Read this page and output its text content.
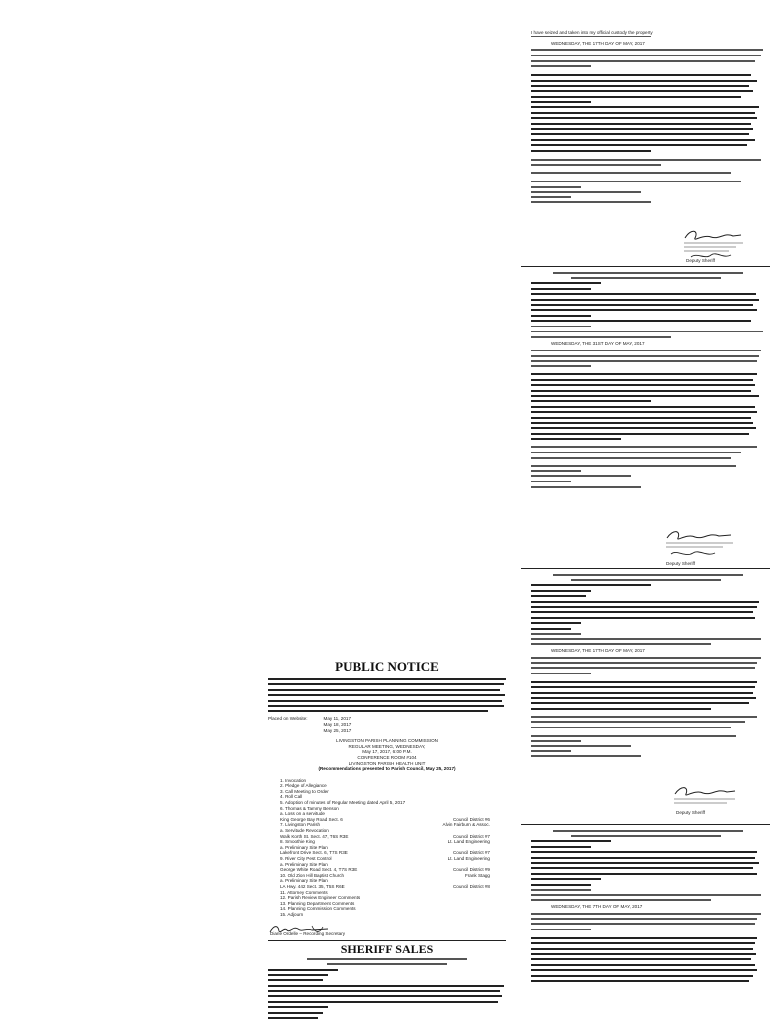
PUBLIC NOTICE
Placed on Website:	May 11, 2017
May 18, 2017
May 25, 2017
LIVINGSTON PARISH PLANNING COMMISSION
REGULAR MEETING, WEDNESDAY,
May 17, 2017, 6:00 P.M.
CONFERENCE ROOM #104
LIVINGSTON PARISH HEALTH UNIT
(Recommendations presented to Parish Council, May 25, 2017)
1. Invocation
2. Pledge of Allegiance
3. Call Meeting to Order
4. Roll Call
5. Adoption of minutes of Regular Meeting dated April 5, 2017
6. Thomas & Tammy Benson
a. Loss on a servitude
King George Bay Road Sect. 6	Council District #6
7. Livingston Parish	Alvin Fairburn & Assoc.
a. Servitude Revocation
Walk Korth St. Sect. 47, T6S R3E	Council District #7
8. Smoothie King	Lt. Land Engineering
a. Preliminary Site Plan
Lakefront Drive Sect. 6, T7S R3E	Council District #7
9. River City Pest Control	Lt. Land Engineering
a. Preliminary Site Plan
George White Road Sect. 4, T7S R3E	Council District #9
10. Old Zion Hill Baptist Church	Frank Stagg
a. Preliminary Site Plan
LA Hwy. 442 Sect. 35, T5S R6E	Council District #8
11. Attorney Comments
12. Parish Review Engineer Comments
13. Planning Department Comments
14. Planning Commission Comments
15. Adjourn
Diane Ordelle – Recording Secretary
SHERIFF SALES
I have seized and taken into my official custody the property
WEDNESDAY, THE 17TH DAY OF MAY, 2017
Deputy Sheriff
WEDNESDAY, THE 31ST DAY OF MAY, 2017
Deputy Sheriff
WEDNESDAY, THE 17TH DAY OF MAY, 2017
Deputy Sheriff
WEDNESDAY, THE 7TH DAY OF MAY, 2017
